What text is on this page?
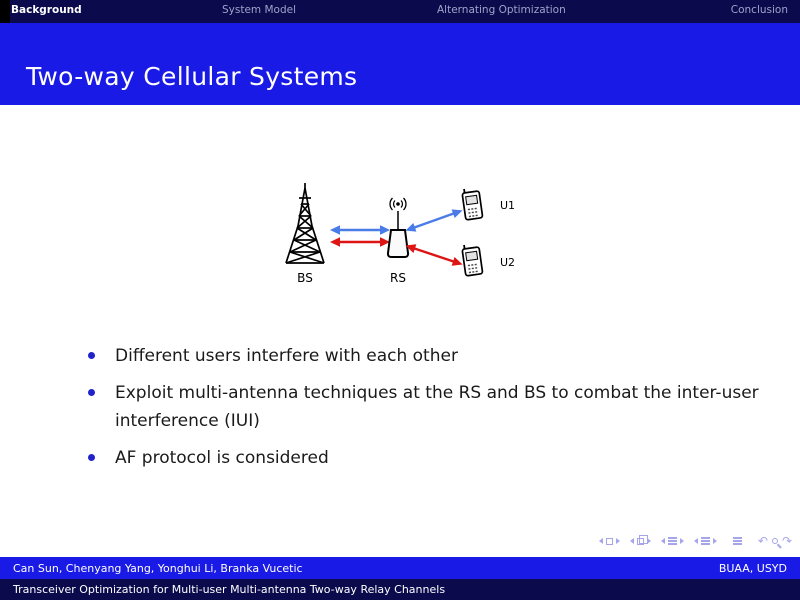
Background	System Model	Alternating Optimization	Conclusion
Two-way Cellular Systems
BS	RS
U1
U2
Different users interfere with each other
Exploit multi-antenna techniques at the RS and BS to combat the inter-user interference (IUI)
AF protocol is considered
↶ ↷
Can Sun, Chenyang Yang, Yonghui Li, Branka Vucetic	BUAA, USYD
Transceiver Optimization for Multi-user Multi-antenna Two-way Relay Channels
